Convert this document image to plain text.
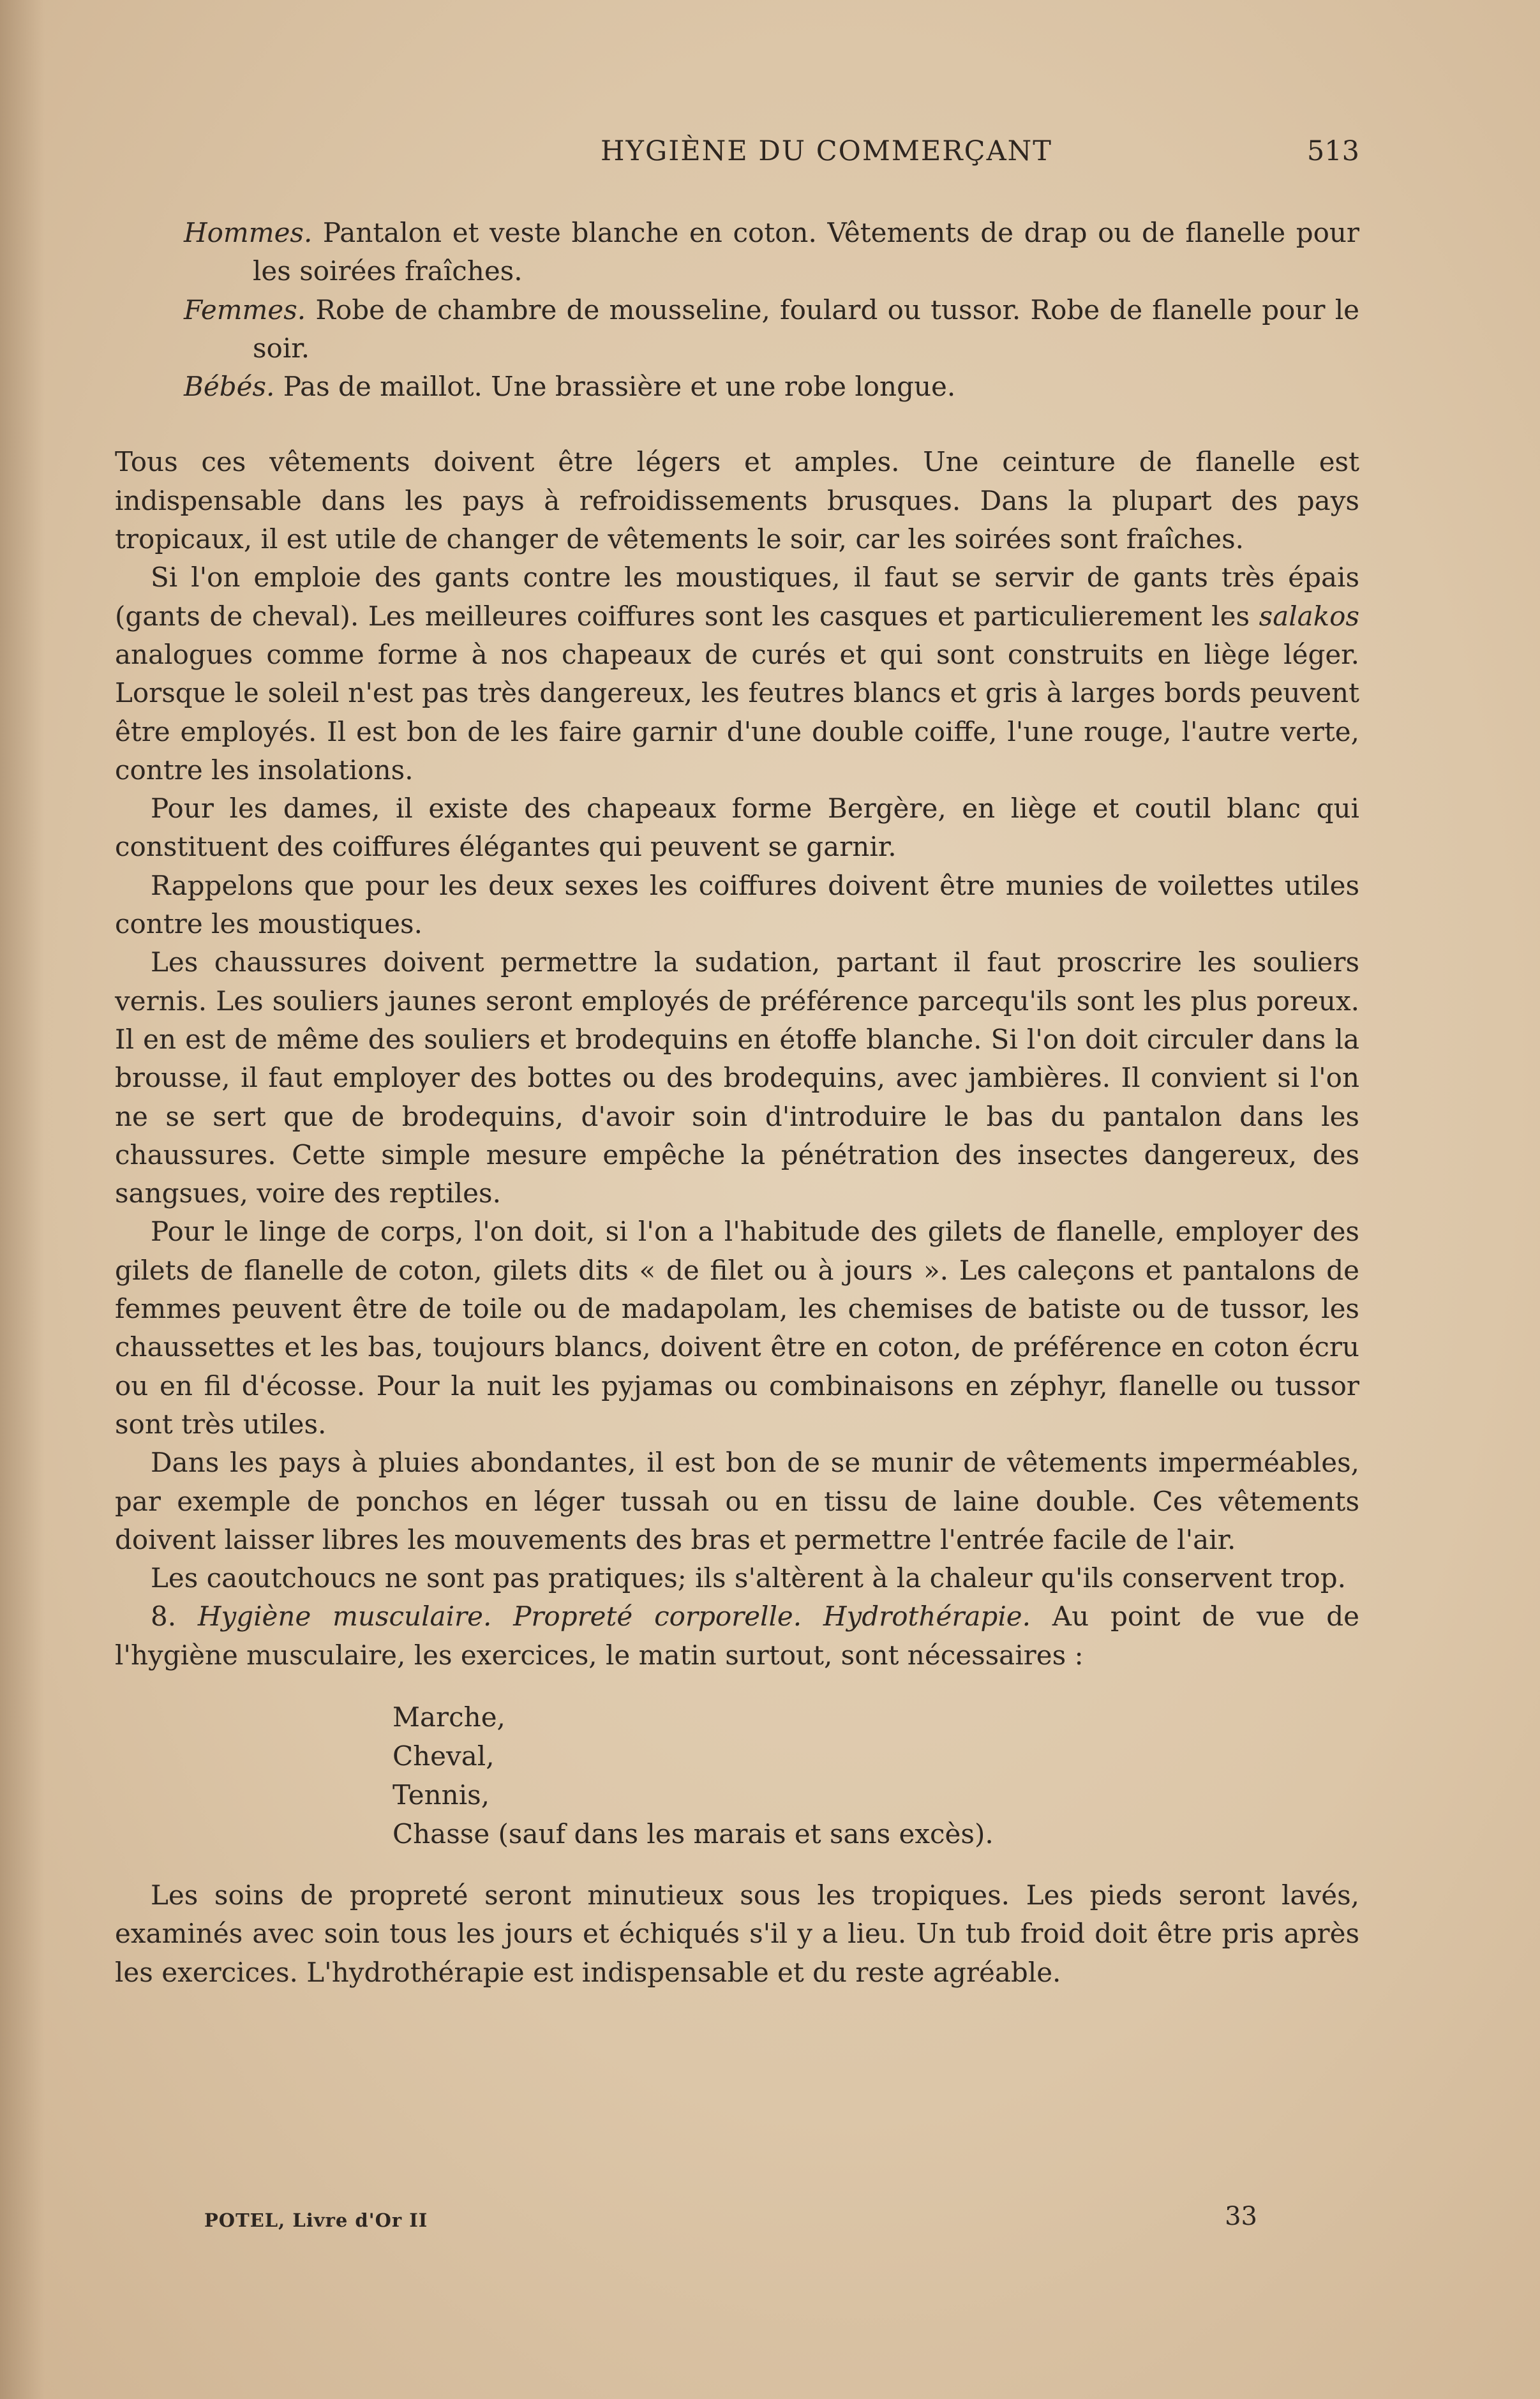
HYGIÈNE DU COMMERÇANT	513

Hommes. Pantalon et veste blanche en coton. Vêtements de drap ou de flanelle pour les soirées fraîches.

Femmes. Robe de chambre de mousseline, foulard ou tussor. Robe de flanelle pour le soir.

Bébés. Pas de maillot. Une brassière et une robe longue.

Tous ces vêtements doivent être légers et amples. Une ceinture de flanelle est indispensable dans les pays à refroidissements brusques. Dans la plupart des pays tropicaux, il est utile de changer de vêtements le soir, car les soirées sont fraîches.

Si l'on emploie des gants contre les moustiques, il faut se servir de gants très épais (gants de cheval). Les meilleures coiffures sont les casques et particulierement les salakos analogues comme forme à nos chapeaux de curés et qui sont construits en liège léger. Lorsque le soleil n'est pas très dangereux, les feutres blancs et gris à larges bords peuvent être employés. Il est bon de les faire garnir d'une double coiffe, l'une rouge, l'autre verte, contre les insolations.

Pour les dames, il existe des chapeaux forme Bergère, en liège et coutil blanc qui constituent des coiffures élégantes qui peuvent se garnir.

Rappelons que pour les deux sexes les coiffures doivent être munies de voilettes utiles contre les moustiques.

Les chaussures doivent permettre la sudation, partant il faut proscrire les souliers vernis. Les souliers jaunes seront employés de préférence parcequ'ils sont les plus poreux. Il en est de même des souliers et brodequins en étoffe blanche. Si l'on doit circuler dans la brousse, il faut employer des bottes ou des brodequins, avec jambières. Il convient si l'on ne se sert que de brodequins, d'avoir soin d'introduire le bas du pantalon dans les chaussures. Cette simple mesure empêche la pénétration des insectes dangereux, des sangsues, voire des reptiles.

Pour le linge de corps, l'on doit, si l'on a l'habitude des gilets de flanelle, employer des gilets de flanelle de coton, gilets dits « de filet ou à jours ». Les caleçons et pantalons de femmes peuvent être de toile ou de madapolam, les chemises de batiste ou de tussor, les chaussettes et les bas, toujours blancs, doivent être en coton, de préférence en coton écru ou en fil d'écosse. Pour la nuit les pyjamas ou combinaisons en zéphyr, flanelle ou tussor sont très utiles.

Dans les pays à pluies abondantes, il est bon de se munir de vêtements imperméables, par exemple de ponchos en léger tussah ou en tissu de laine double. Ces vêtements doivent laisser libres les mouvements des bras et permettre l'entrée facile de l'air.

Les caoutchoucs ne sont pas pratiques; ils s'altèrent à la chaleur qu'ils conservent trop.

8. Hygiène musculaire. Propreté corporelle. Hydrothérapie. Au point de vue de l'hygiène musculaire, les exercices, le matin surtout, sont nécessaires :

Marche,
Cheval,
Tennis,
Chasse (sauf dans les marais et sans excès).

Les soins de propreté seront minutieux sous les tropiques. Les pieds seront lavés, examinés avec soin tous les jours et échiqués s'il y a lieu. Un tub froid doit être pris après les exercices. L'hydrothérapie est indispensable et du reste agréable.

POTEL, Livre d'Or II	33
